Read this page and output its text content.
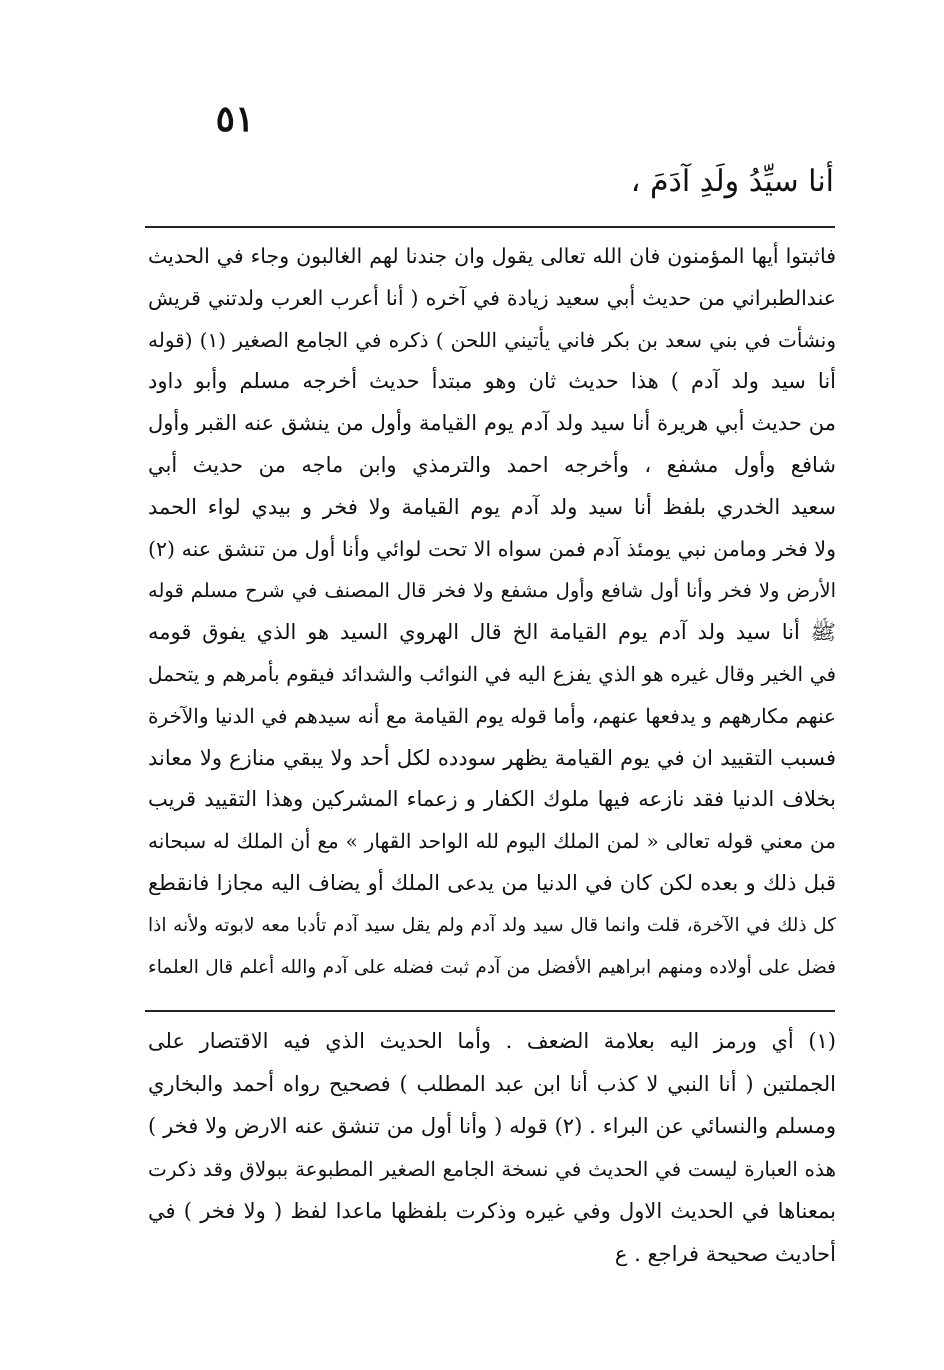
٥١
أنا سيِّدُ ولَدِ آدَمَ ،
فاثبتوا أيها المؤمنون فان الله تعالى يقول وان جندنا لهم الغالبون وجاء في الحديث
عندالطبراني من حديث أبي سعيد زيادة في آخره ( أنا أعرب العرب ولدتني قريش
ونشأت في بني سعد بن بكر فاني يأتيني اللحن ) ذكره في الجامع الصغير (١) (قوله
أنا سيد ولد آدم ) هذا حديث ثان وهو مبتدأ حديث أخرجه مسلم وأبو داود
من حديث أبي هريرة أنا سيد ولد آدم يوم القيامة وأول من ينشق عنه القبر وأول
شافع وأول مشفع ، وأخرجه احمد والترمذي وابن ماجه من حديث أبي
سعيد الخدري بلفظ أنا سيد ولد آدم يوم القيامة ولا فخر و بيدي لواء الحمد
ولا فخر ومامن نبي يومئذ آدم فمن سواه الا تحت لوائي وأنا أول من تنشق عنه (٢)
الأرض ولا فخر وأنا أول شافع وأول مشفع ولا فخر قال المصنف في شرح مسلم قوله
ﷺ أنا سيد ولد آدم يوم القيامة الخ قال الهروي السيد هو الذي يفوق قومه
في الخير وقال غيره هو الذي يفزع اليه في النوائب والشدائد فيقوم بأمرهم و يتحمل
عنهم مكارههم و يدفعها عنهم، وأما قوله يوم القيامة مع أنه سيدهم في الدنيا والآخرة
فسبب التقييد ان في يوم القيامة يظهر سودده لكل أحد ولا يبقي منازع ولا معاند
بخلاف الدنيا فقد نازعه فيها ملوك الكفار و زعماء المشركين وهذا التقييد قريب
من معني قوله تعالى « لمن الملك اليوم لله الواحد القهار » مع أن الملك له سبحانه
قبل ذلك و بعده لكن كان في الدنيا من يدعى الملك أو يضاف اليه مجازا فانقطع
كل ذلك في الآخرة، قلت وانما قال سيد ولد آدم ولم يقل سيد آدم تأدبا معه لابوته ولأنه اذا
فضل على أولاده ومنهم ابراهيم الأفضل من آدم ثبت فضله على آدم والله أعلم قال العلماء
(١) أي ورمز اليه بعلامة الضعف . وأما الحديث الذي فيه الاقتصار على
الجملتين ( أنا النبي لا كذب أنا ابن عبد المطلب ) فصحيح رواه أحمد والبخاري
ومسلم والنسائي عن البراء . (٢) قوله ( وأنا أول من تنشق عنه الارض ولا فخر )
هذه العبارة ليست في الحديث في نسخة الجامع الصغير المطبوعة ببولاق وقد ذكرت
بمعناها في الحديث الاول وفي غيره وذكرت بلفظها ماعدا لفظ ( ولا فخر ) في
أحاديث صحيحة فراجع . ع
